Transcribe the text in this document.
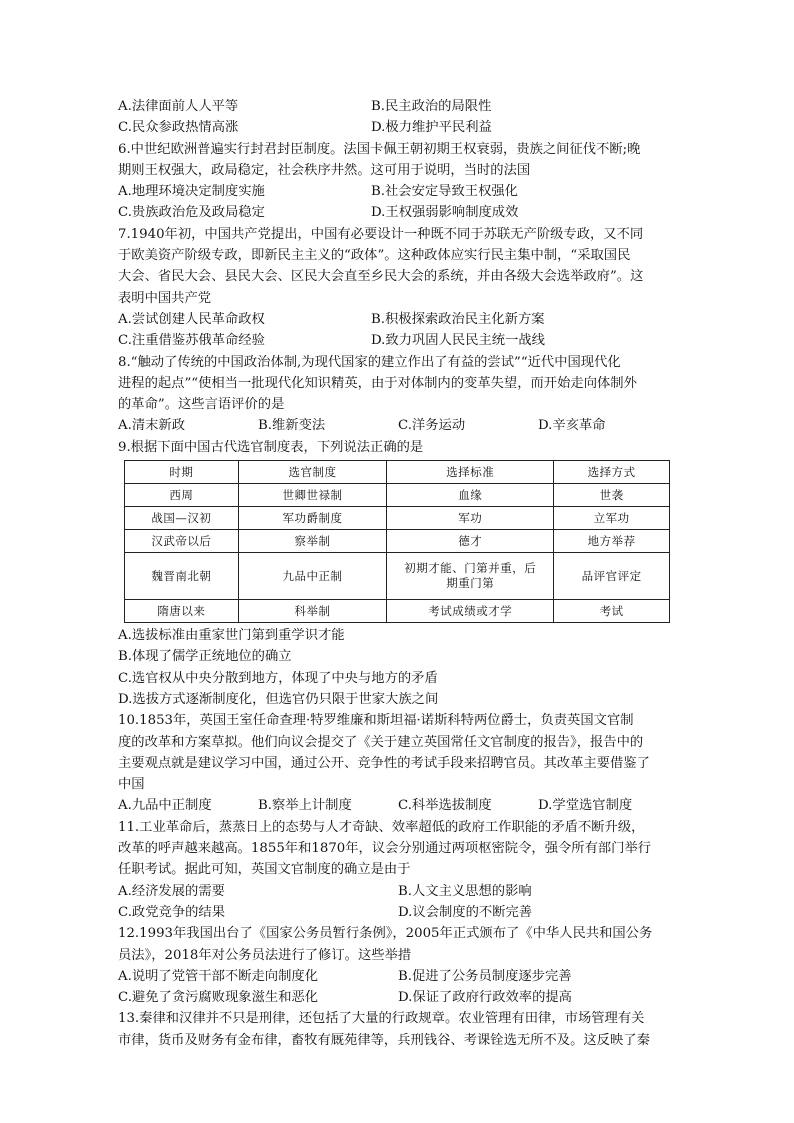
A.法律面前人人平等	B.民主政治的局限性
C.民众参政热情高涨	D.极力维护平民利益
6.中世纪欧洲普遍实行封君封臣制度。法国卡佩王朝初期王权衰弱，贵族之间征伐不断;晚
期则王权强大，政局稳定，社会秩序井然。这可用于说明，当时的法国
A.地理环境决定制度实施	B.社会安定导致王权强化
C.贵族政治危及政局稳定	D.王权强弱影响制度成效
7.1940年初，中国共产党提出，中国有必要设计一种既不同于苏联无产阶级专政，又不同
于欧美资产阶级专政，即新民主主义的“政体”。这种政体应实行民主集中制，“采取国民
大会、省民大会、县民大会、区民大会直至乡民大会的系统，并由各级大会选举政府”。这
表明中国共产党
A.尝试创建人民革命政权	B.积极探索政治民主化新方案
C.注重借鉴苏俄革命经验	D.致力巩固人民民主统一战线
8.“触动了传统的中国政治体制,为现代国家的建立作出了有益的尝试”“近代中国现代化
进程的起点”“使相当一批现代化知识精英，由于对体制内的变革失望，而开始走向体制外
的革命”。这些言语评价的是
A.清末新政	B.维新变法	C.洋务运动	D.辛亥革命
9.根据下面中国古代选官制度表，下列说法正确的是
时期	选官制度	选择标准	选择方式
西周	世卿世禄制	血缘	世袭
战国—汉初	军功爵制度	军功	立军功
汉武帝以后	察举制	德才	地方举荐
魏晋南北朝	九品中正制	初期才能、门第并重，后期重门第	品评官评定
隋唐以来	科举制	考试成绩或才学	考试
A.选拔标准由重家世门第到重学识才能
B.体现了儒学正统地位的确立
C.选官权从中央分散到地方，体现了中央与地方的矛盾
D.选拔方式逐渐制度化，但选官仍只限于世家大族之间
10.1853年，英国王室任命查理·特罗维廉和斯坦福·诺斯科特两位爵士，负责英国文官制
度的改革和方案草拟。他们向议会提交了《关于建立英国常任文官制度的报告》，报告中的
主要观点就是建议学习中国，通过公开、竞争性的考试手段来招聘官员。其改革主要借鉴了
中国
A.九品中正制度	B.察举上计制度	C.科举选拔制度	D.学堂选官制度
11.工业革命后，蒸蒸日上的态势与人才奇缺、效率超低的政府工作职能的矛盾不断升级，
改革的呼声越来越高。1855年和1870年，议会分别通过两项枢密院令，强令所有部门举行
任职考试。据此可知，英国文官制度的确立是由于
A.经济发展的需要	B.人文主义思想的影响
C.政党竞争的结果	D.议会制度的不断完善
12.1993年我国出台了《国家公务员暂行条例》，2005年正式颁布了《中华人民共和国公务
员法》，2018年对公务员法进行了修订。这些举措
A.说明了党管干部不断走向制度化	B.促进了公务员制度逐步完善
C.避免了贪污腐败现象滋生和恶化	D.保证了政府行政效率的提高
13.秦律和汉律并不只是刑律，还包括了大量的行政规章。农业管理有田律，市场管理有关
市律，货币及财务有金布律，畜牧有厩苑律等，兵刑钱谷、考课铨选无所不及。这反映了秦
